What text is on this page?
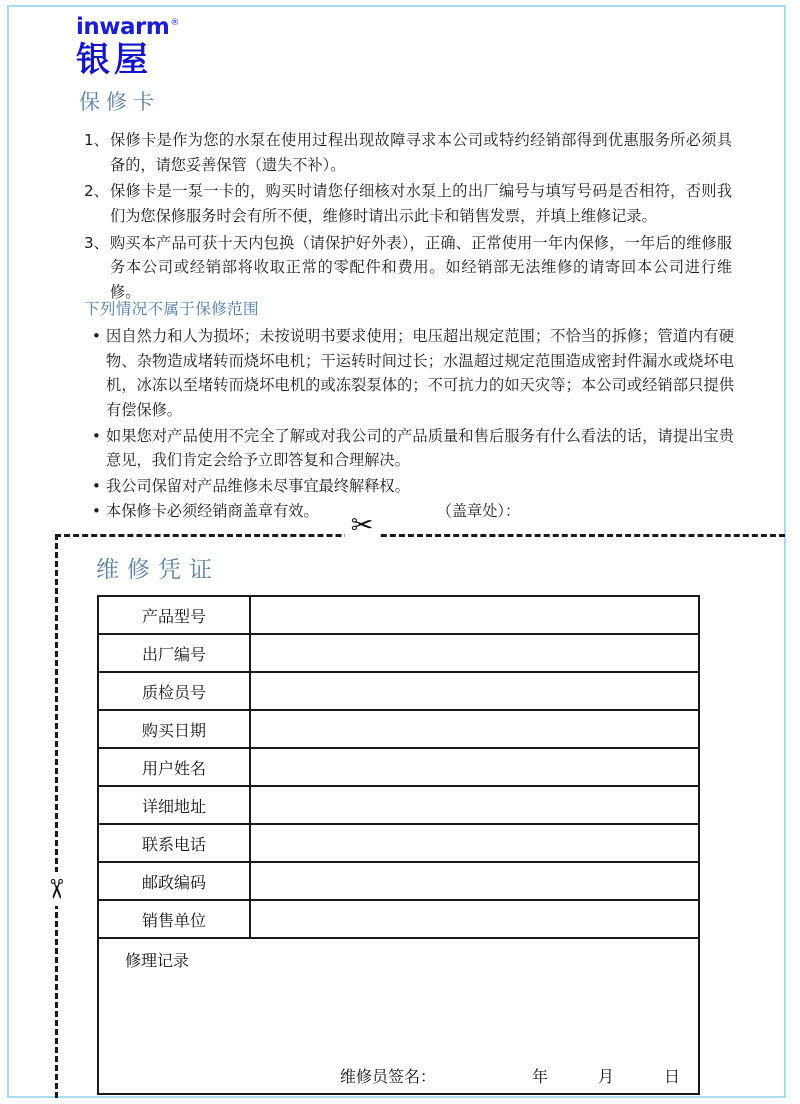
inwarm®
银屋
保修卡
1、 保修卡是作为您的水泵在使用过程出现故障寻求本公司或特约经销部得到优惠服务所必须具备的，请您妥善保管（遗失不补）。
2、 保修卡是一泵一卡的，购买时请您仔细核对水泵上的出厂编号与填写号码是否相符，否则我们为您保修服务时会有所不便，维修时请出示此卡和销售发票，并填上维修记录。
3、 购买本产品可获十天内包换（请保护好外表），正确、正常使用一年内保修，一年后的维修服务本公司或经销部将收取正常的零配件和费用。如经销部无法维修的请寄回本公司进行维修。
下列情况不属于保修范围
• 因自然力和人为损坏；未按说明书要求使用；电压超出规定范围；不恰当的拆修；管道内有硬物、杂物造成堵转而烧坏电机；干运转时间过长；水温超过规定范围造成密封件漏水或烧坏电机，冰冻以至堵转而烧坏电机的或冻裂泵体的；不可抗力的如天灾等；本公司或经销部只提供有偿保修。
• 如果您对产品使用不完全了解或对我公司的产品质量和售后服务有什么看法的话，请提出宝贵意见，我们肯定会给予立即答复和合理解决。
• 我公司保留对产品维修未尽事宜最终解释权。
• 本保修卡必须经销商盖章有效。	（盖章处）：
✂
✂
维修凭证
产品型号	
出厂编号	
质检员号	
购买日期	
用户姓名	
详细地址	
联系电话	
邮政编码	
销售单位	
修理记录
维修员签名： 年 月 日	
